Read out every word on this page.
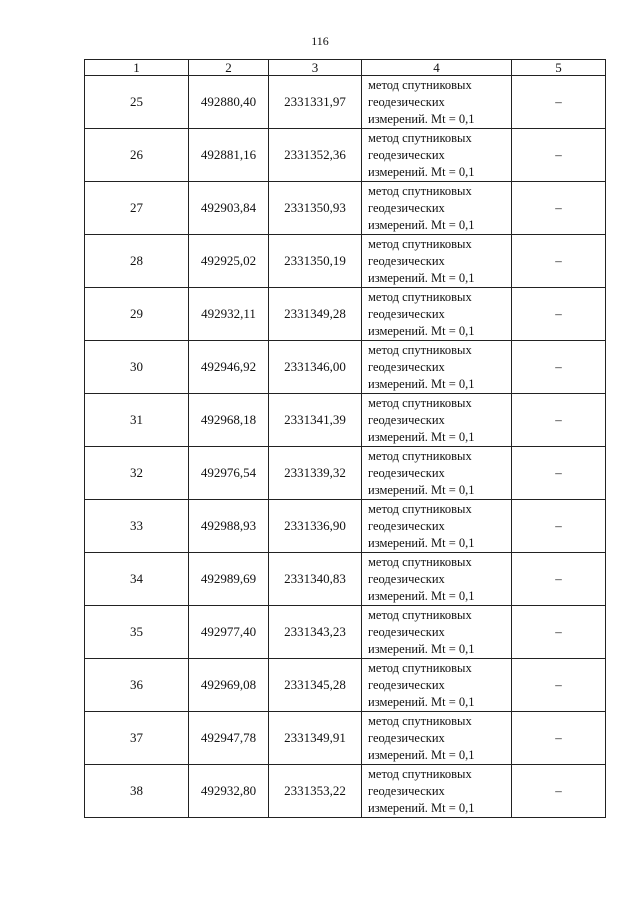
116
1	2	3	4	5
25	492880,40	2331331,97	метод спутниковых
геодезических
измерений. Mt = 0,1	–
26	492881,16	2331352,36	метод спутниковых
геодезических
измерений. Mt = 0,1	–
27	492903,84	2331350,93	метод спутниковых
геодезических
измерений. Mt = 0,1	–
28	492925,02	2331350,19	метод спутниковых
геодезических
измерений. Mt = 0,1	–
29	492932,11	2331349,28	метод спутниковых
геодезических
измерений. Mt = 0,1	–
30	492946,92	2331346,00	метод спутниковых
геодезических
измерений. Mt = 0,1	–
31	492968,18	2331341,39	метод спутниковых
геодезических
измерений. Mt = 0,1	–
32	492976,54	2331339,32	метод спутниковых
геодезических
измерений. Mt = 0,1	–
33	492988,93	2331336,90	метод спутниковых
геодезических
измерений. Mt = 0,1	–
34	492989,69	2331340,83	метод спутниковых
геодезических
измерений. Mt = 0,1	–
35	492977,40	2331343,23	метод спутниковых
геодезических
измерений. Mt = 0,1	–
36	492969,08	2331345,28	метод спутниковых
геодезических
измерений. Mt = 0,1	–
37	492947,78	2331349,91	метод спутниковых
геодезических
измерений. Mt = 0,1	–
38	492932,80	2331353,22	метод спутниковых
геодезических
измерений. Mt = 0,1	–
